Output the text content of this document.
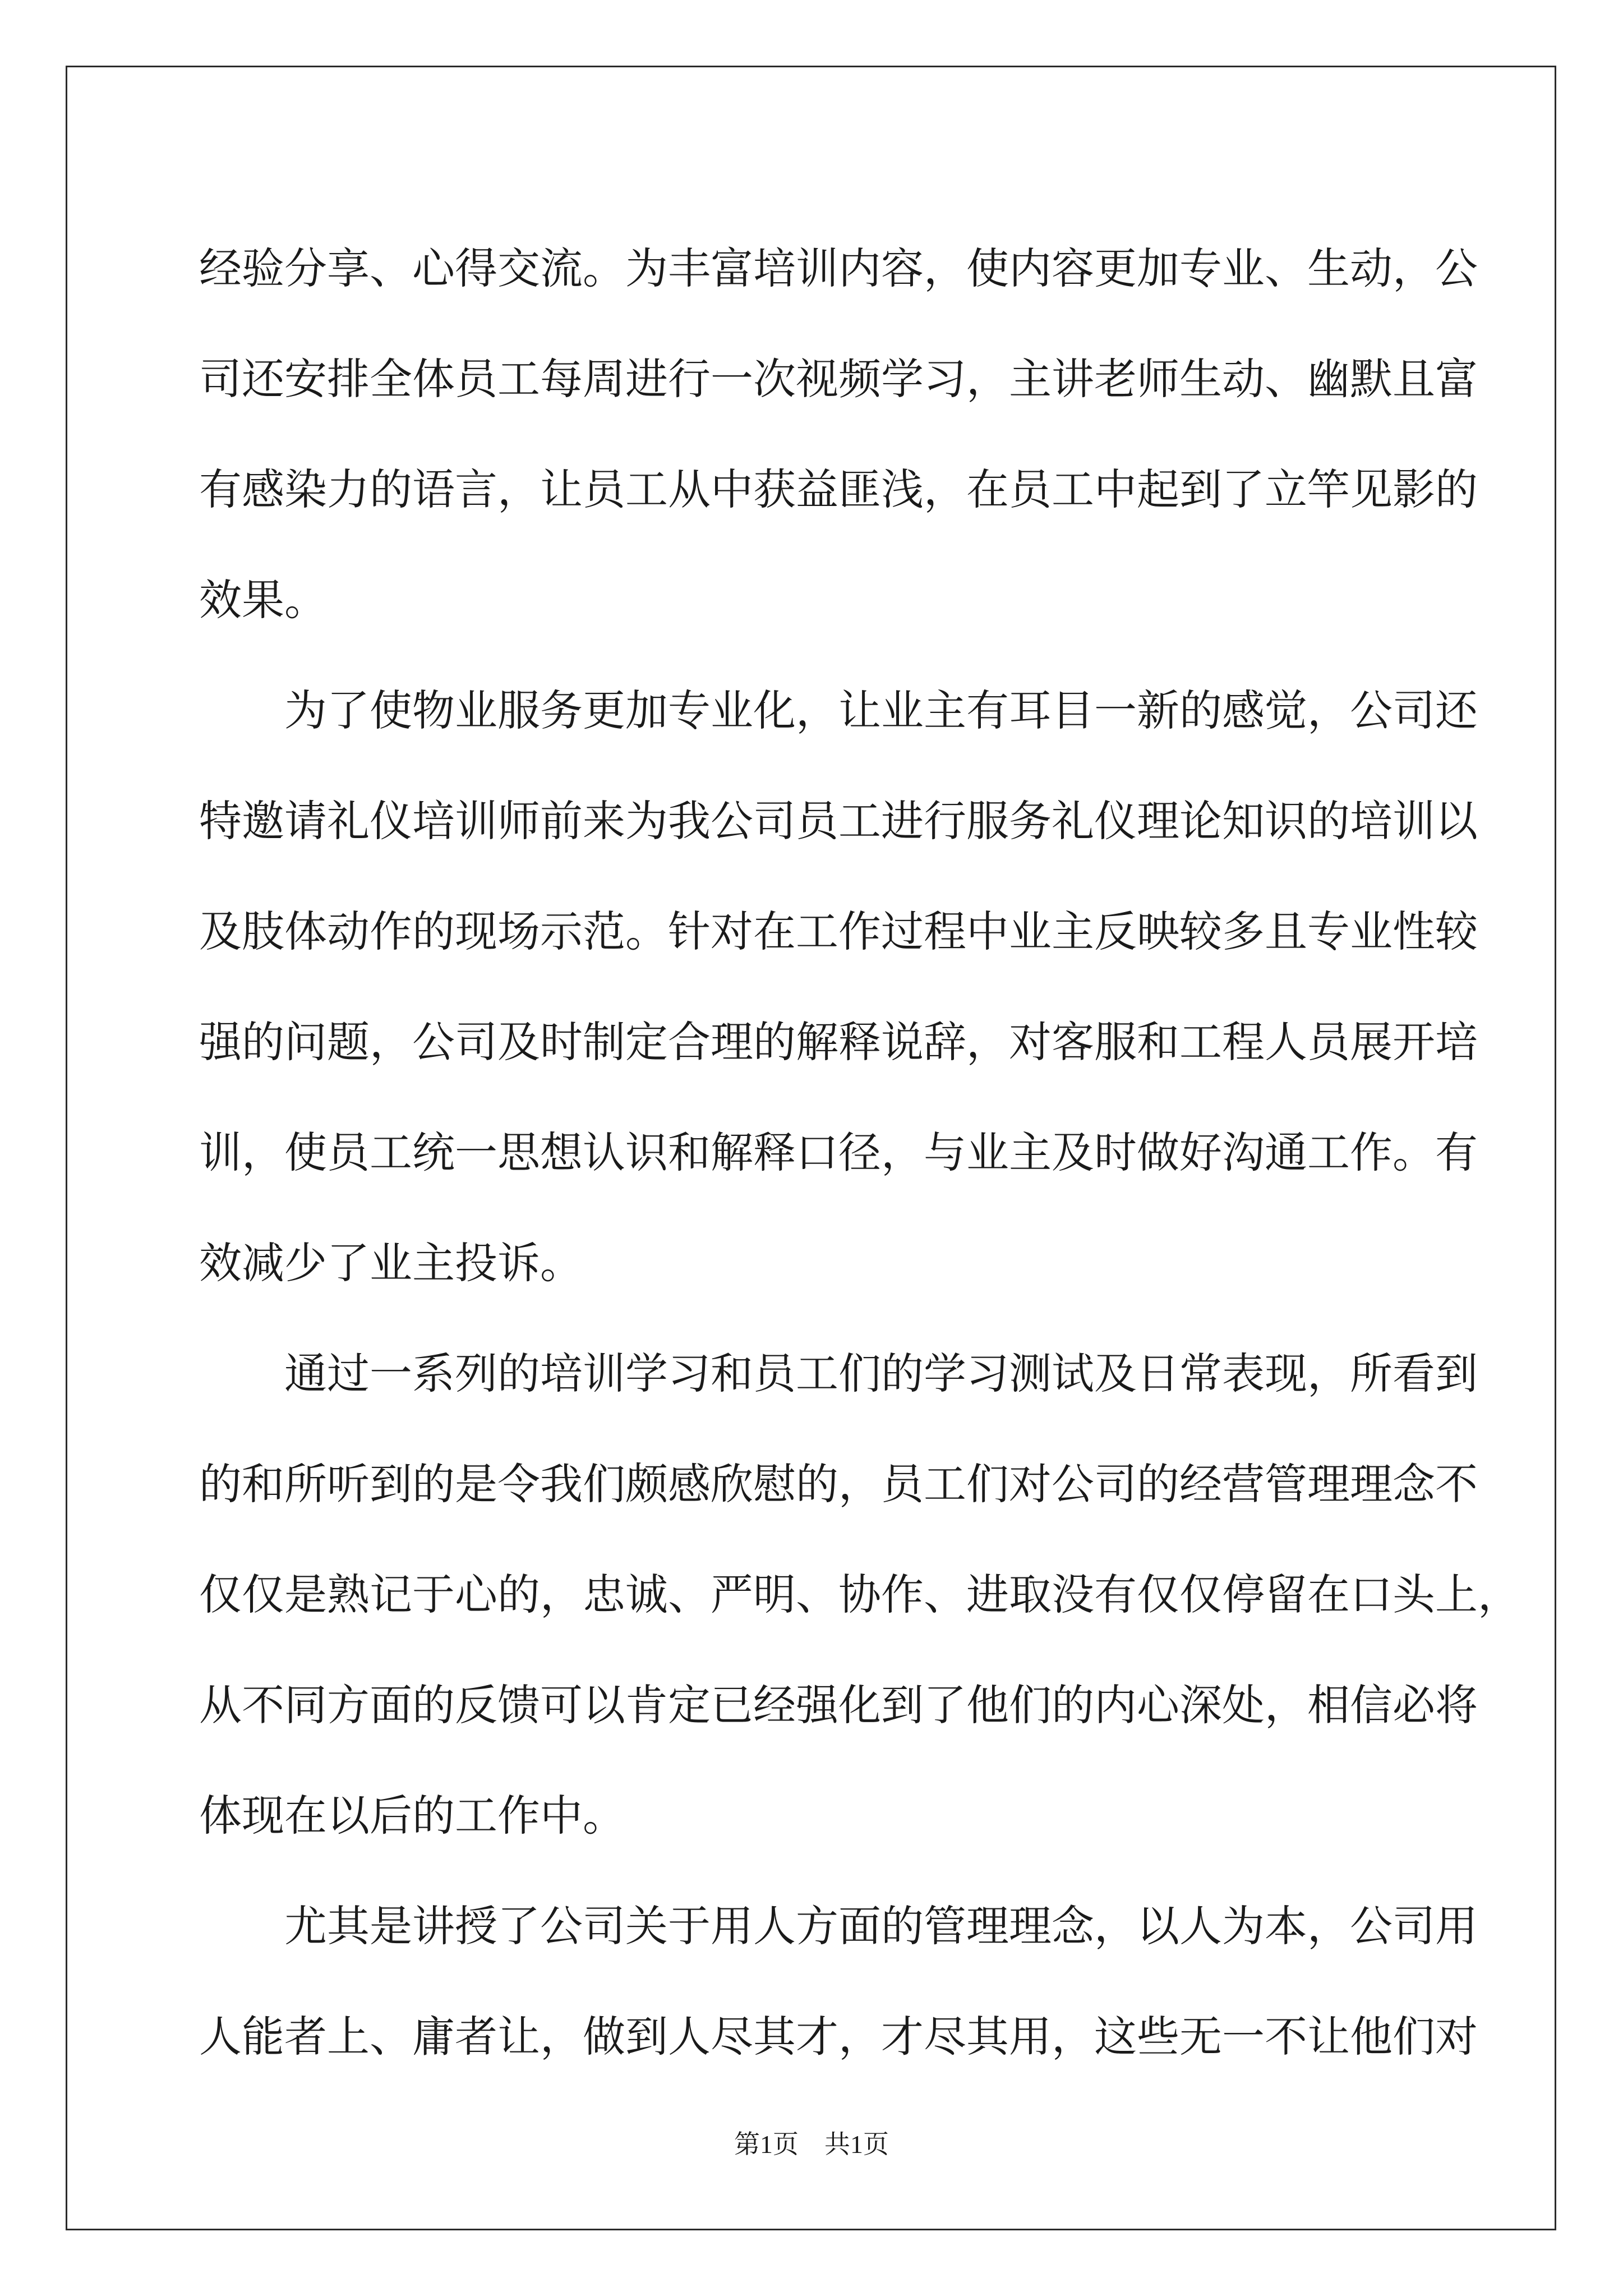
经验分享、心得交流。为丰富培训内容，使内容更加专业、生动，公
司还安排全体员工每周进行一次视频学习，主讲老师生动、幽默且富
有感染力的语言，让员工从中获益匪浅，在员工中起到了立竿见影的
效果。
为了使物业服务更加专业化，让业主有耳目一新的感觉，公司还
特邀请礼仪培训师前来为我公司员工进行服务礼仪理论知识的培训以
及肢体动作的现场示范。针对在工作过程中业主反映较多且专业性较
强的问题，公司及时制定合理的解释说辞，对客服和工程人员展开培
训，使员工统一思想认识和解释口径，与业主及时做好沟通工作。有
效减少了业主投诉。
通过一系列的培训学习和员工们的学习测试及日常表现，所看到
的和所听到的是令我们颇感欣慰的，员工们对公司的经营管理理念不
仅仅是熟记于心的，忠诚、严明、协作、进取没有仅仅停留在口头上，
从不同方面的反馈可以肯定已经强化到了他们的内心深处，相信必将
体现在以后的工作中。
尤其是讲授了公司关于用人方面的管理理念，以人为本，公司用
人能者上、庸者让，做到人尽其才，才尽其用，这些无一不让他们对
第1页　共1页
